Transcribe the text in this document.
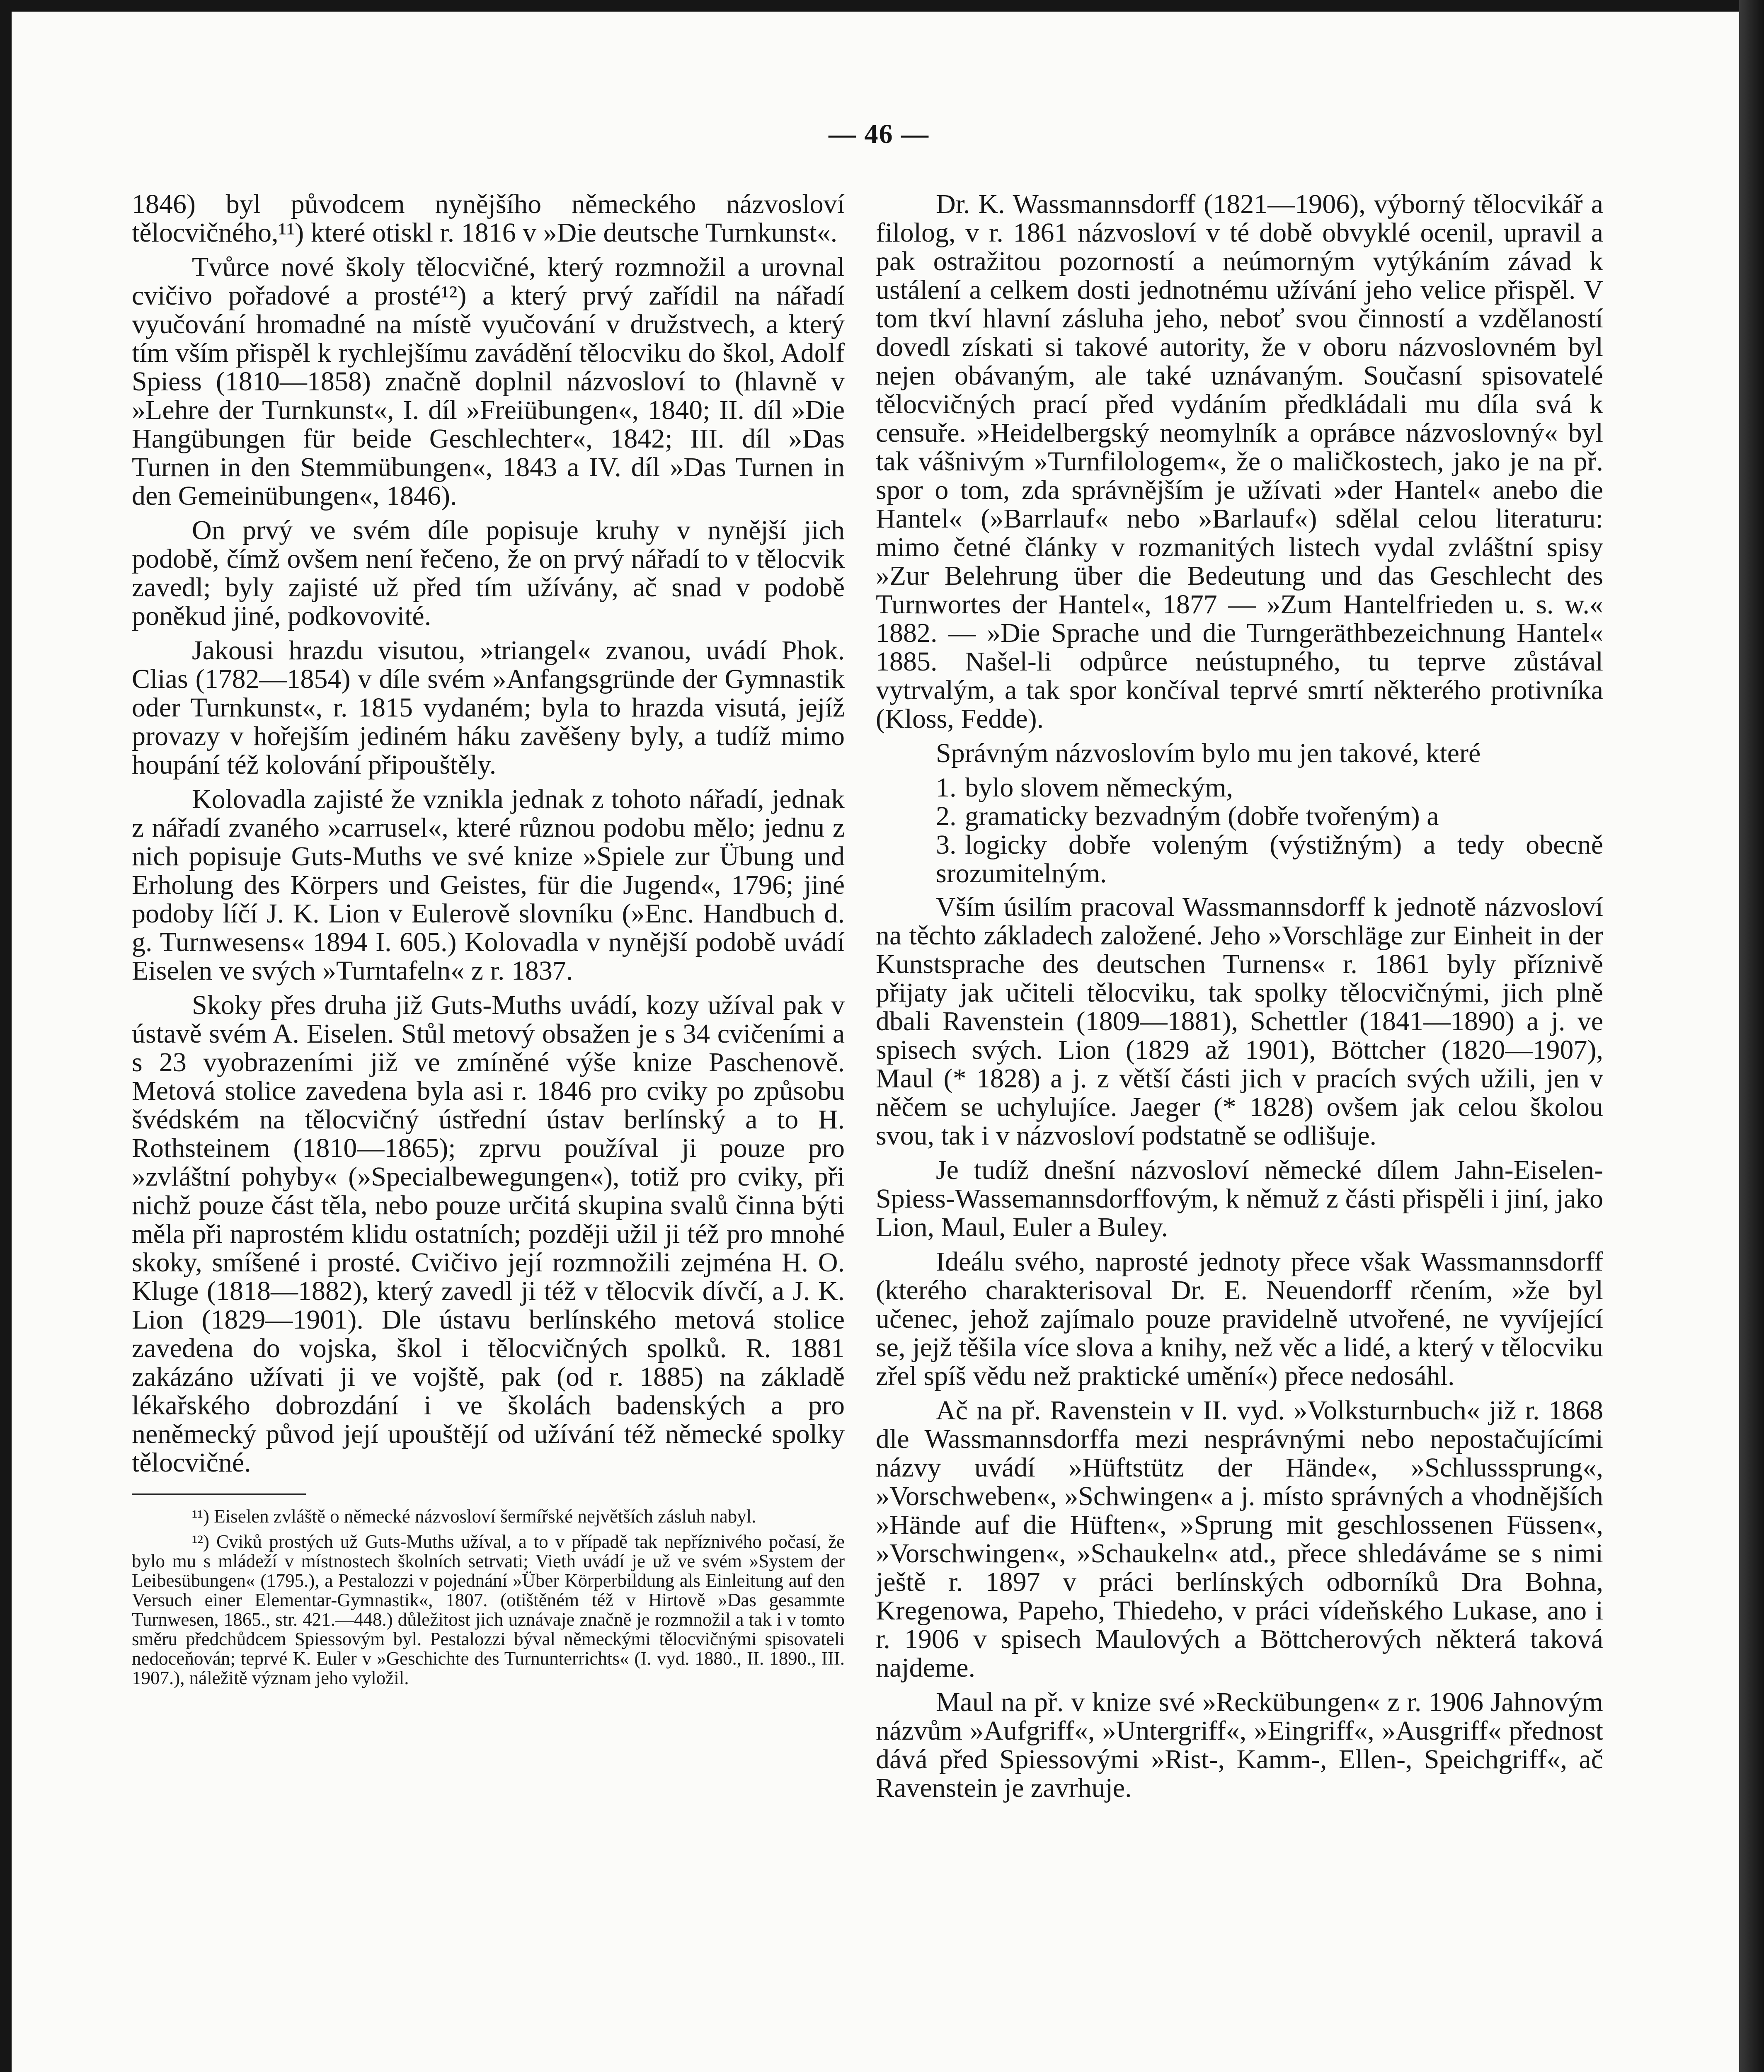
— 46 —

1846) byl původcem nynějšího německého názvosloví tělocvičného,¹¹) které otiskl r. 1816 v »Die deutsche Turnkunst«.

Tvůrce nové školy tělocvičné, který rozmnožil a urovnal cvičivo pořadové a prosté¹²) a který prvý zařídil na nářadí vyučování hromadné na místě vyučování v družstvech, a který tím vším přispěl k rychlejšímu zavádění tělocviku do škol, Adolf Spiess (1810—1858) značně doplnil názvosloví to (hlavně v »Lehre der Turnkunst«, I. díl »Freiübungen«, 1840; II. díl »Die Hangübungen für beide Geschlechter«, 1842; III. díl »Das Turnen in den Stemmübungen«, 1843 a IV. díl »Das Turnen in den Gemeinübungen«, 1846).

On prvý ve svém díle popisuje kruhy v nynější jich podobě, čímž ovšem není řečeno, že on prvý nářadí to v tělocvik zavedl; byly zajisté už před tím užívány, ač snad v podobě poněkud jiné, podkovovité.

Jakousi hrazdu visutou, »triangel« zvanou, uvádí Phok. Clias (1782—1854) v díle svém »Anfangsgründe der Gymnastik oder Turnkunst«, r. 1815 vydaném; byla to hrazda visutá, jejíž provazy v hořejším jediném háku zavěšeny byly, a tudíž mimo houpání též kolování připouštěly.

Kolovadla zajisté že vznikla jednak z tohoto nářadí, jednak z nářadí zvaného »carrusel«, které různou podobu mělo; jednu z nich popisuje Guts-Muths ve své knize »Spiele zur Übung und Erholung des Körpers und Geistes, für die Jugend«, 1796; jiné podoby líčí J. K. Lion v Eulerově slovníku (»Enc. Handbuch d. g. Turnwesens« 1894 I. 605.) Kolovadla v nynější podobě uvádí Eiselen ve svých »Turntafeln« z r. 1837.

Skoky přes druha již Guts-Muths uvádí, kozy užíval pak v ústavě svém A. Eiselen. Stůl metový obsažen je s 34 cvičeními a s 23 vyobrazeními již ve zmíněné výše knize Paschenově. Metová stolice zavedena byla asi r. 1846 pro cviky po způsobu švédském na tělocvičný ústřední ústav berlínský a to H. Rothsteinem (1810—1865); zprvu používal ji pouze pro »zvláštní pohyby« (»Specialbewegungen«), totiž pro cviky, při nichž pouze část těla, nebo pouze určitá skupina svalů činna býti měla při naprostém klidu ostatních; později užil ji též pro mnohé skoky, smíšené i prosté. Cvičivo její rozmnožili zejména H. O. Kluge (1818—1882), který zavedl ji též v tělocvik dívčí, a J. K. Lion (1829—1901). Dle ústavu berlínského metová stolice zavedena do vojska, škol i tělocvičných spolků. R. 1881 zakázáno užívati ji ve vojště, pak (od r. 1885) na základě lékařského dobrozdání i ve školách badenských a pro neněmecký původ její upouštějí od užívání též německé spolky tělocvičné.

¹¹) Eiselen zvláště o německé názvosloví šermířské největších zásluh nabyl.

¹²) Cviků prostých už Guts-Muths užíval, a to v případě tak nepříznivého počasí, že bylo mu s mládeží v místnostech školních setrvati; Vieth uvádí je už ve svém »System der Leibesübungen« (1795.), a Pestalozzi v pojednání »Über Körperbildung als Einleitung auf den Versuch einer Elementar-Gymnastik«, 1807. (otištěném též v Hirtově »Das gesammte Turnwesen, 1865., str. 421.—448.) důležitost jich uznávaje značně je rozmnožil a tak i v tomto směru předchůdcem Spiessovým byl. Pestalozzi býval německými tělocvičnými spisovateli nedoceňován; teprvé K. Euler v »Geschichte des Turnunterrichts« (I. vyd. 1880., II. 1890., III. 1907.), náležitě význam jeho vyložil.

Dr. K. Wassmannsdorff (1821—1906), výborný tělocvikář a filolog, v r. 1861 názvosloví v té době obvyklé ocenil, upravil a pak ostražitou pozorností a neúmorným vytýkáním závad k ustálení a celkem dosti jednotnému užívání jeho velice přispěl. V tom tkví hlavní zásluha jeho, neboť svou činností a vzdělaností dovedl získati si takové autority, že v oboru názvoslovném byl nejen obávaným, ale také uznávaným. Současní spisovatelé tělocvičných prací před vydáním předkládali mu díla svá k censuře. »Heidelbergský neomylník a opráвce názvoslovný« byl tak vášnivým »Turnfilologem«, že o maličkostech, jako je na př. spor o tom, zda správnějším je užívati »der Hantel« anebo die Hantel« (»Barrlauf« nebo »Barlauf«) sdělal celou literaturu: mimo četné články v rozmanitých listech vydal zvláštní spisy »Zur Belehrung über die Bedeutung und das Geschlecht des Turnwortes der Hantel«, 1877 — »Zum Hantelfrieden u. s. w.« 1882. — »Die Sprache und die Turngeräthbezeichnung Hantel« 1885. Našel-li odpůrce neústupného, tu teprve zůstával vytrvalým, a tak spor končíval teprvé smrtí některého protivníka (Kloss, Fedde).

Správným názvoslovím bylo mu jen takové, které

1. bylo slovem německým,
2. gramaticky bezvadným (dobře tvořeným) a
3. logicky dobře voleným (výstižným) a tedy obecně srozumitelným.

Vším úsilím pracoval Wassmannsdorff k jednotě názvosloví na těchto základech založené. Jeho »Vorschläge zur Einheit in der Kunstsprache des deutschen Turnens« r. 1861 byly příznivě přijaty jak učiteli tělocviku, tak spolky tělocvičnými, jich plně dbali Ravenstein (1809—1881), Schettler (1841—1890) a j. ve spisech svých. Lion (1829 až 1901), Böttcher (1820—1907), Maul (* 1828) a j. z větší části jich v pracích svých užili, jen v něčem se uchylujíce. Jaeger (* 1828) ovšem jak celou školou svou, tak i v názvosloví podstatně se odlišuje.

Je tudíž dnešní názvosloví německé dílem Jahn-Eiselen-Spiess-Wassemannsdorffovým, k němuž z části přispěli i jiní, jako Lion, Maul, Euler a Buley.

Ideálu svého, naprosté jednoty přece však Wassmannsdorff (kterého charakterisoval Dr. E. Neuendorff rčením, »že byl učenec, jehož zajímalo pouze pravidelně utvořené, ne vyvíjející se, jejž těšila více slova a knihy, než věc a lidé, a který v tělocviku zřel spíš vědu než praktické umění«) přece nedosáhl.

Ač na př. Ravenstein v II. vyd. »Volksturnbuch« již r. 1868 dle Wassmannsdorffa mezi nesprávnými nebo nepostačujícími názvy uvádí »Hüftstütz der Hände«, »Schlusssprung«, »Vorschweben«, »Schwingen« a j. místo správných a vhodnějších »Hände auf die Hüften«, »Sprung mit geschlossenen Füssen«, »Vorschwingen«, »Schaukeln« atd., přece shledáváme se s nimi ještě r. 1897 v práci berlínských odborníků Dra Bohna, Kregenowa, Papeho, Thiedeho, v práci vídeňského Lukase, ano i r. 1906 v spisech Maulových a Böttcherových některá taková najdeme.

Maul na př. v knize své »Reckübungen« z r. 1906 Jahnovým názvům »Aufgriff«, »Untergriff«, »Eingriff«, »Ausgriff« přednost dává před Spiessovými »Rist-, Kamm-, Ellen-, Speichgriff«, ač Ravenstein je zavrhuje.
